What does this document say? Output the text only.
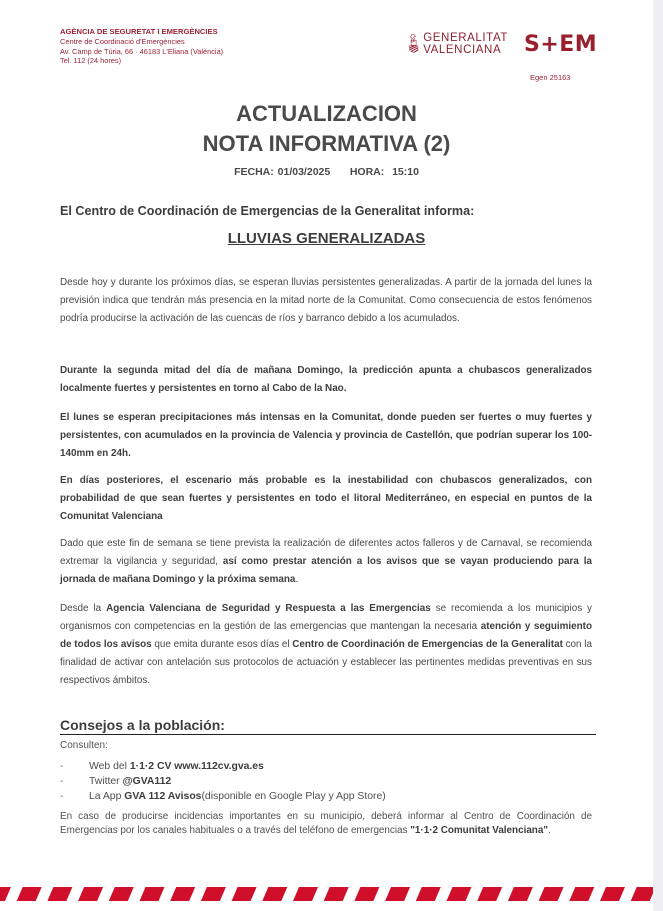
AGÈNCIA DE SEGURETAT I EMERGÈNCIES
Centre de Coordinació d'Emergències
Av. Camp de Túria, 66 · 46183 L'Eliana (València)
Tel. 112 (24 hores)
GENERALITAT
VALENCIANA	S+EM
Egen 25163
ACTUALIZACION
NOTA INFORMATIVA (2)
FECHA: 01/03/2025 HORA: 15:10
El Centro de Coordinación de Emergencias de la Generalitat informa:
LLUVIAS GENERALIZADAS
Desde hoy y durante los próximos días, se esperan lluvias persistentes generalizadas. A partir de la jornada del lunes la previsión indica que tendrán más presencia en la mitad norte de la Comunitat. Como consecuencia de estos fenómenos podría producirse la activación de las cuencas de ríos y barranco debido a los acumulados.
Durante la segunda mitad del día de mañana Domingo, la predicción apunta a chubascos generalizados localmente fuertes y persistentes en torno al Cabo de la Nao.
El lunes se esperan precipitaciones más intensas en la Comunitat, donde pueden ser fuertes o muy fuertes y persistentes, con acumulados en la provincia de Valencia y provincia de Castellón, que podrían superar los 100-140mm en 24h.
En días posteriores, el escenario más probable es la inestabilidad con chubascos generalizados, con probabilidad de que sean fuertes y persistentes en todo el litoral Mediterráneo, en especial en puntos de la Comunitat Valenciana
Dado que este fin de semana se tiene prevista la realización de diferentes actos falleros y de Carnaval, se recomienda extremar la vigilancia y seguridad, así como prestar atención a los avisos que se vayan produciendo para la jornada de mañana Domingo y la próxima semana.
Desde la Agencia Valenciana de Seguridad y Respuesta a las Emergencias se recomienda a los municipios y organismos con competencias en la gestión de las emergencias que mantengan la necesaria atención y seguimiento de todos los avisos que emita durante esos días el Centro de Coordinación de Emergencias de la Generalitat con la finalidad de activar con antelación sus protocolos de actuación y establecer las pertinentes medidas preventivas en sus respectivos ámbitos.
Consejos a la población:
Consulten:
-	Web del
1·1·2 CV www.112cv.gva.es
-	Twitter
@GVA112
-	La App
GVA 112 Avisos (disponible en Google Play y App Store)
En caso de producirse incidencias importantes en su municipio, deberá informar al Centro de Coordinación de Emergencias por los canales habituales o a través del teléfono de emergencias "1·1·2 Comunitat Valenciana".
